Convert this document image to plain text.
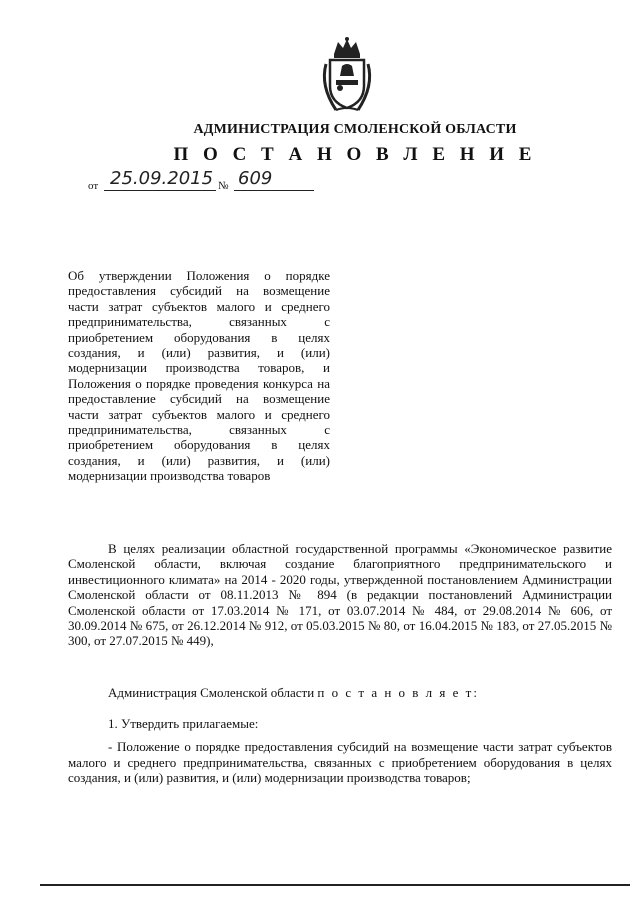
АДМИНИСТРАЦИЯ СМОЛЕНСКОЙ ОБЛАСТИ
П О С Т А Н О В Л Е Н И Е
от 25.09.2015 № 609
Об утверждении Положения о порядке предоставления субсидий на возмещение части затрат субъектов малого и среднего предпринимательства, связанных с приобретением оборудования в целях создания, и (или) развития, и (или) модернизации производства товаров, и Положения о порядке проведения конкурса на предоставление субсидий на возмещение части затрат субъектов малого и среднего предпринимательства, связанных с приобретением оборудования в целях создания, и (или) развития, и (или) модернизации производства товаров
В целях реализации областной государственной программы «Экономическое развитие Смоленской области, включая создание благоприятного предпринимательского и инвестиционного климата» на 2014 - 2020 годы, утвержденной постановлением Администрации Смоленской области от 08.11.2013 № 894 (в редакции постановлений Администрации Смоленской области от 17.03.2014 № 171, от 03.07.2014 № 484, от 29.08.2014 № 606, от 30.09.2014 № 675, от 26.12.2014 № 912, от 05.03.2015 № 80, от 16.04.2015 № 183, от 27.05.2015 № 300, от 27.07.2015 № 449),
Администрация Смоленской области п о с т а н о в л я е т:
1. Утвердить прилагаемые:
- Положение о порядке предоставления субсидий на возмещение части затрат субъектов малого и среднего предпринимательства, связанных с приобретением оборудования в целях создания, и (или) развития, и (или) модернизации производства товаров;
